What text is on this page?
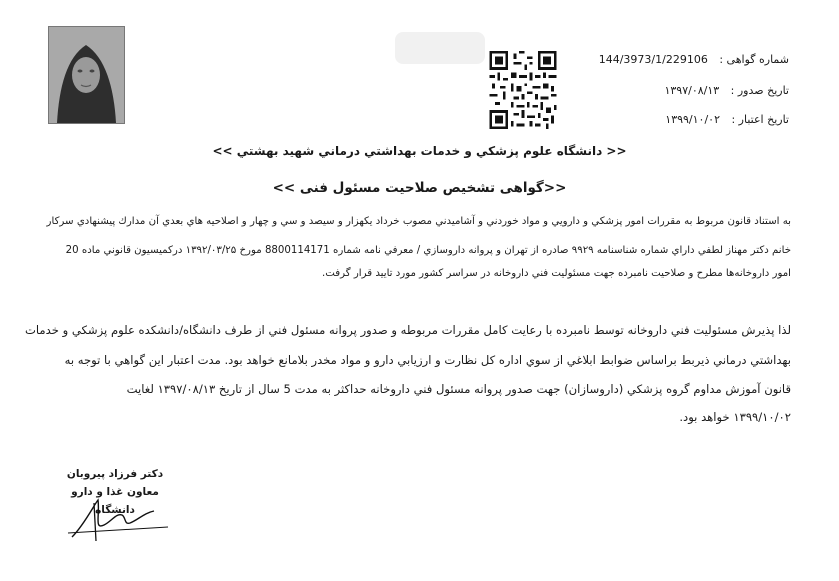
شماره گواهی : 144/3973/1/229106
تاریخ صدور : ۱۳۹۷/۰۸/۱۳
تاریخ اعتبار : ۱۳۹۹/۱۰/۰۲
<< دانشگاه علوم پزشكي و خدمات بهداشتي درماني شهيد بهشتي >>
<<گواهی تشخیص صلاحیت مسئول فنی >>
به استناد قانون مربوط به مقررات امور پزشكي و دارويي و مواد خوردني و آشاميدني مصوب خرداد يكهزار و سيصد و سي و چهار و اصلاحيه هاي بعدي آن مدارك پيشنهادي سركار
خانم دكتر مهناز لطفي داراي شماره شناسنامه ۹۹۲۹ صادره از تهران و پروانه داروسازي / معرفي نامه شماره 8800114171 مورخ ۱۳۹۲/۰۳/۲۵ دركميسيون قانوني ماده 20
امور داروخانه‌ها مطرح و صلاحيت نامبرده جهت مسئوليت فني داروخانه در سراسر كشور مورد تاييد قرار گرفت.
لذا پذيرش مسئوليت فني داروخانه توسط نامبرده با رعايت كامل مقررات مربوطه و صدور پروانه مسئول فني از طرف دانشگاه/دانشكده علوم پزشكي و خدمات
بهداشتي درماني ذيربط براساس ضوابط ابلاغي از سوي اداره كل نظارت و ارزيابي دارو و مواد مخدر بلامانع خواهد بود. مدت اعتبار اين گواهي با توجه به
قانون آموزش مداوم گروه پزشكي (داروسازان) جهت صدور پروانه مسئول فني داروخانه حداكثر به مدت 5 سال از تاريخ ۱۳۹۷/۰۸/۱۳ لغايت
۱۳۹۹/۱۰/۰۲ خواهد بود.
دکتر فرزاد پیروبان
معاون غذا و دارو دانشگاه
